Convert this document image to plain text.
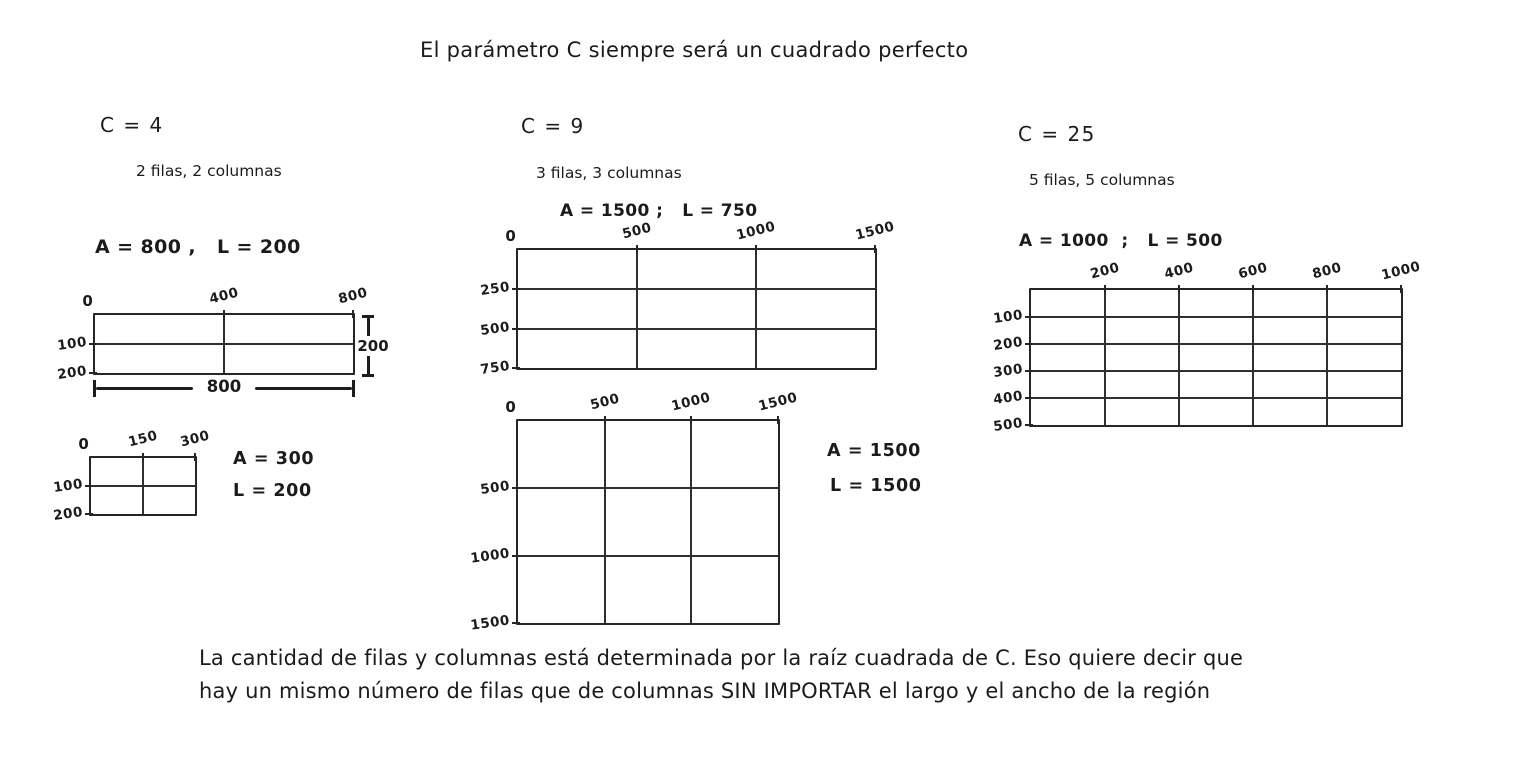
El parámetro C siempre será un cuadrado perfecto
C = 4
2 filas, 2 columnas
A = 800 ,   L = 200
C = 9
3 filas, 3 columnas
A = 1500 ;   L = 750
C = 25
5 filas, 5 columnas
A = 1000  ;   L = 500
0	400	800
100
200
0	150 300
100
200
0	500	1000	1500
250
500
750
0	500	1000	1500
500
1000
1500
200	400	600	800	1000
100
200
300
400
500
800
200
A = 300
L = 200
A = 1500
L = 1500
La cantidad de filas y columnas está determinada por la raíz cuadrada de C. Eso quiere decir que
hay un mismo número de filas que de columnas SIN IMPORTAR el largo y el ancho de la región
